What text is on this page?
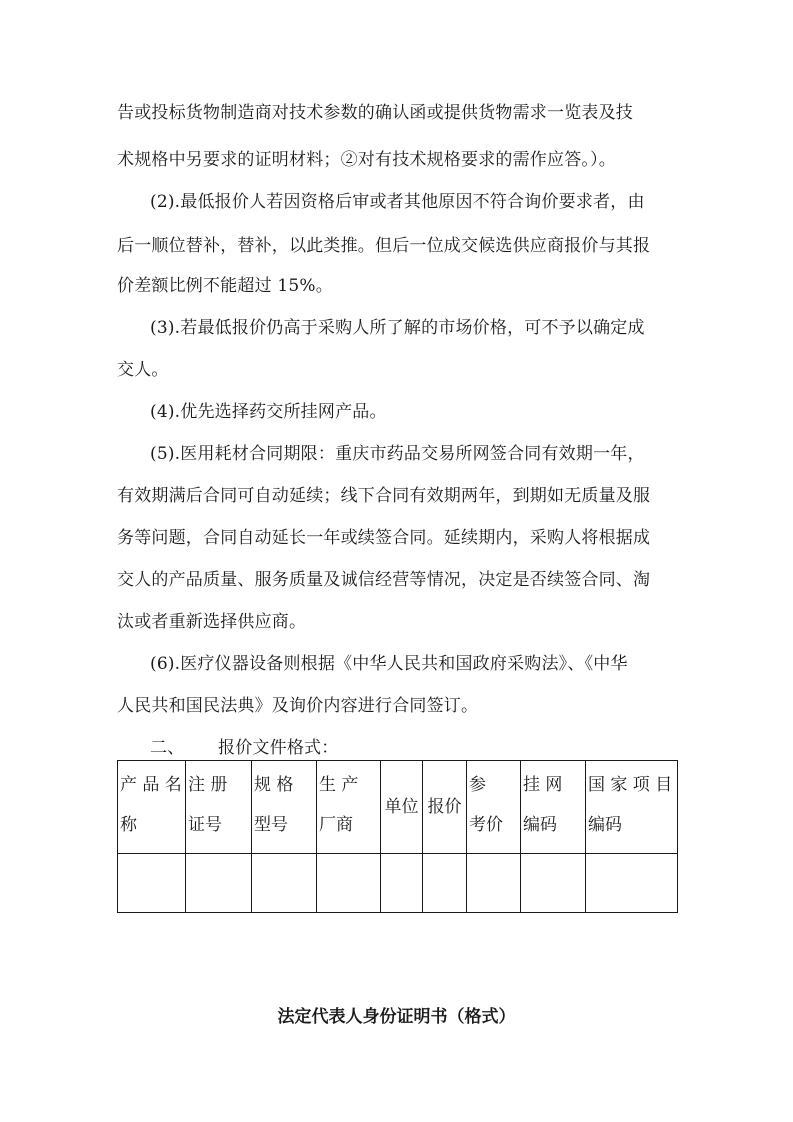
告或投标货物制造商对技术参数的确认函或提供货物需求一览表及技
术规格中另要求的证明材料；②对有技术规格要求的需作应答。）。
(2).最低报价人若因资格后审或者其他原因不符合询价要求者，由
后一顺位替补，替补，以此类推。但后一位成交候选供应商报价与其报
价差额比例不能超过 15%。
(3).若最低报价仍高于采购人所了解的市场价格，可不予以确定成
交人。
(4).优先选择药交所挂网产品。
(5).医用耗材合同期限：重庆市药品交易所网签合同有效期一年，
有效期满后合同可自动延续；线下合同有效期两年，到期如无质量及服
务等问题，合同自动延长一年或续签合同。延续期内，采购人将根据成
交人的产品质量、服务质量及诚信经营等情况，决定是否续签合同、淘
汰或者重新选择供应商。
(6).医疗仪器设备则根据《中华人民共和国政府采购法》、《中华
人民共和国民法典》及询价内容进行合同签订。
二、      报价文件格式：
产 品 名称	注 册 证号	规 格 型号	生 产 厂商	单位	报价	参　考价	挂 网 编码	国 家 项 目编码

法定代表人身份证明书（格式）
